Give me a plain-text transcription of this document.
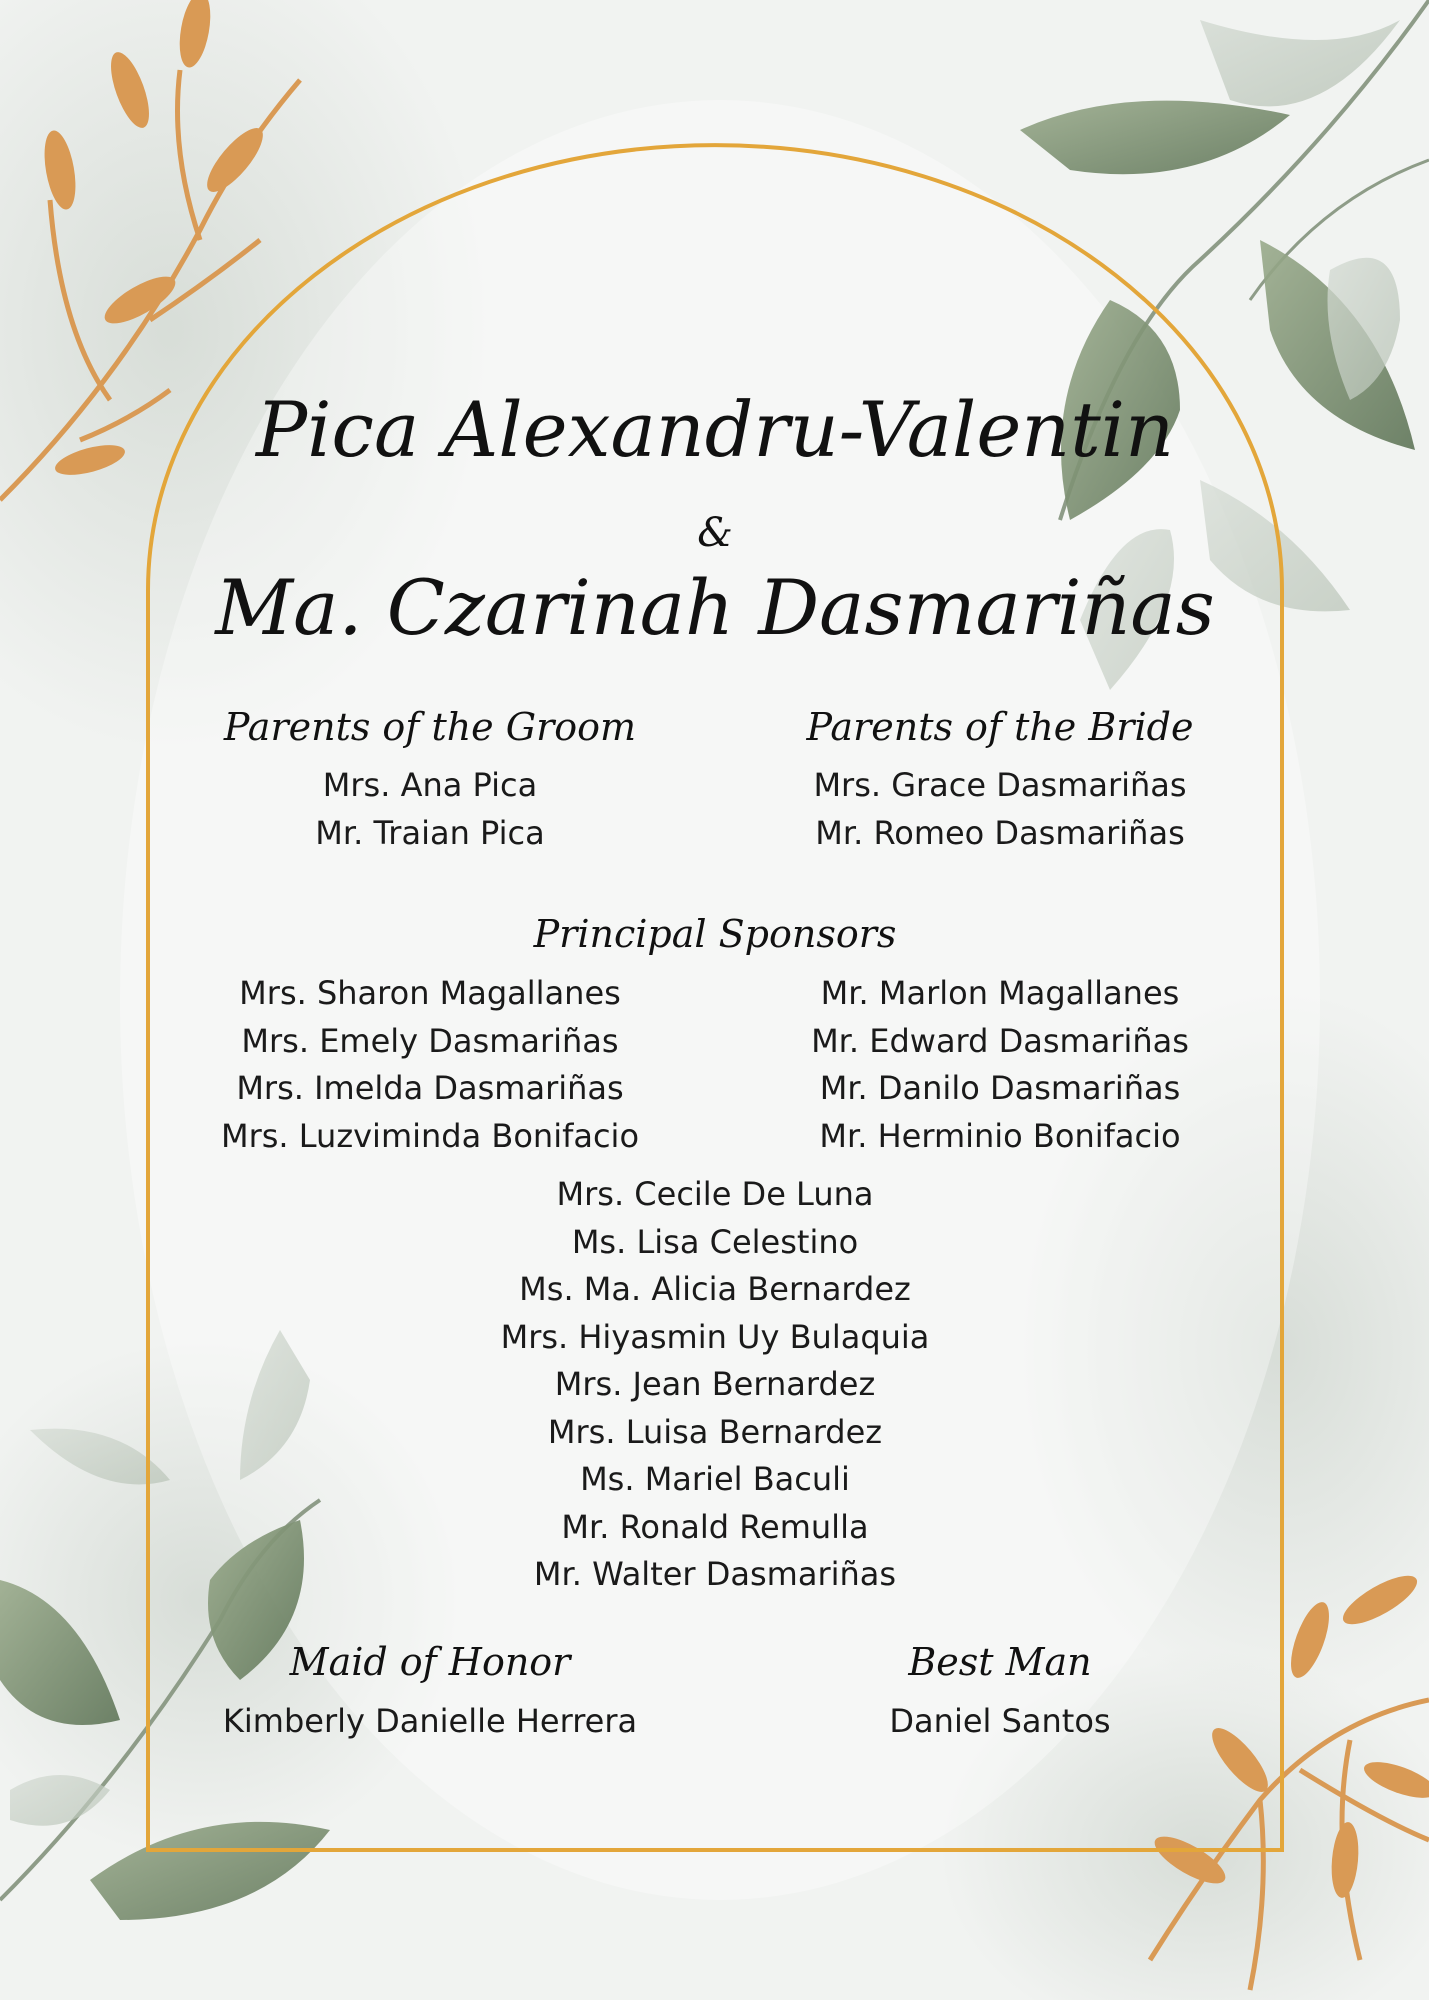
Pica Alexandru-Valentin
&
Ma. Czarinah Dasmariñas
Parents of the Groom
Mrs. Ana Pica
Mr. Traian Pica
Parents of the Bride
Mrs. Grace Dasmariñas
Mr. Romeo Dasmariñas
Principal Sponsors
Mrs. Sharon Magallanes
Mrs. Emely Dasmariñas
Mrs. Imelda Dasmariñas
Mrs. Luzviminda Bonifacio
Mr. Marlon Magallanes
Mr. Edward Dasmariñas
Mr. Danilo Dasmariñas
Mr. Herminio Bonifacio
Mrs. Cecile De Luna
Ms. Lisa Celestino
Ms. Ma. Alicia Bernardez
Mrs. Hiyasmin Uy Bulaquia
Mrs. Jean Bernardez
Mrs. Luisa Bernardez
Ms. Mariel Baculi
Mr. Ronald Remulla
Mr. Walter Dasmariñas
Maid of Honor
Kimberly Danielle Herrera
Best Man
Daniel Santos
